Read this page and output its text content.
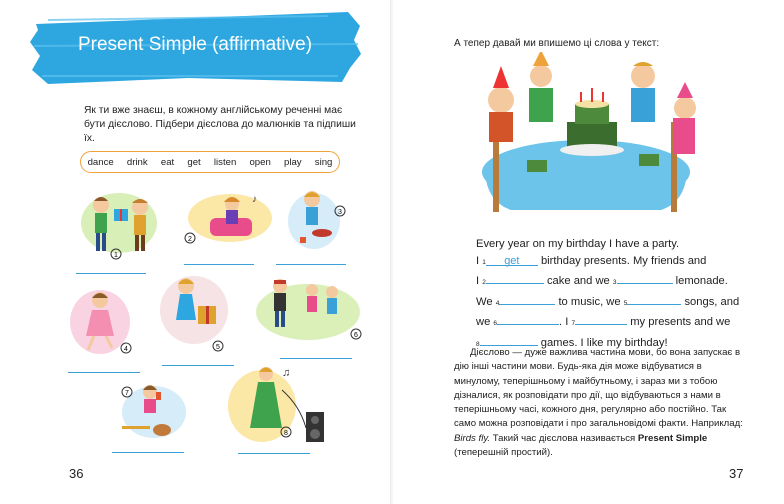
Present Simple (affirmative)
Як ти вже знаєш, в кожному англійському реченні має бути дієслово. Підбери дієслова до малюнків та підпиши їх.
dance drink eat get listen open play sing
1
♪
2
3
4	5
6
7
♫
8
36
А тепер давай ми впишемо ці слова у текст:
Every year on my birthday I have a party.
I 1 get birthday presents. My friends and
I 2	cake and we 3	lemonade.
We 4	to music, we 5	songs, and
we 6	. I 7	my presents and we
8	games. I like my birthday!
Дієслово — дуже важлива частина мови, бо вона запускає в дію інші частини мови. Будь-яка дія може відбуватися в минулому, теперішньому і майбутньому, і зараз ми з тобою дізналися, як розповідати про дії, що відбуваються з нами в теперішньому часі, кожного дня, регулярно або постійно. Так само можна розповідати і про загальновідомі факти. Наприклад: Birds fly. Такий час дієслова називається Present Simple (теперешній простий).
37
